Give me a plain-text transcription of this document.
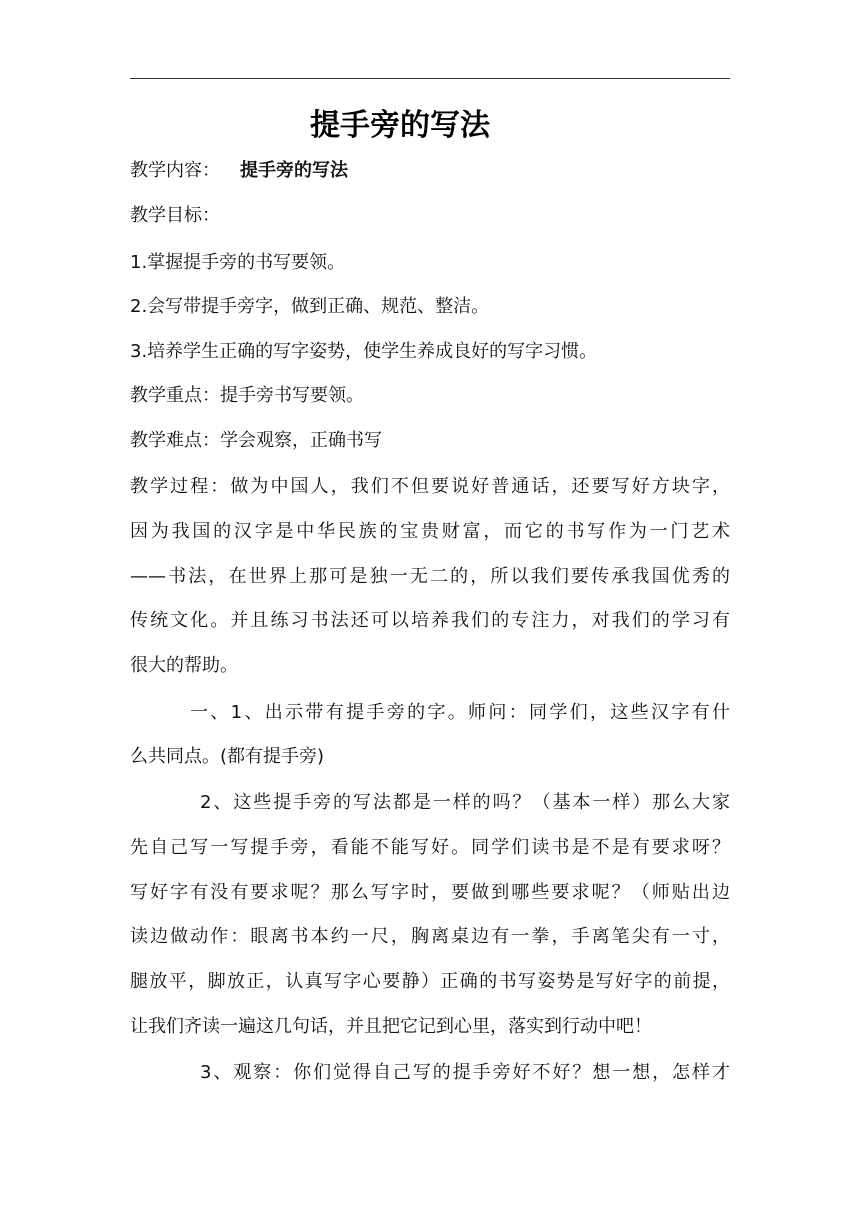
提手旁的写法
教学内容： 提手旁的写法
教学目标：
1.掌握提手旁的书写要领。
2.会写带提手旁字，做到正确、规范、整洁。
3.培养学生正确的写字姿势，使学生养成良好的写字习惯。
教学重点：提手旁书写要领。
教学难点：学会观察，正确书写
教学过程：做为中国人，我们不但要说好普通话，还要写好方块字，
因为我国的汉字是中华民族的宝贵财富，而它的书写作为一门艺术
——书法，在世界上那可是独一无二的，所以我们要传承我国优秀的
传统文化。并且练习书法还可以培养我们的专注力，对我们的学习有
很大的帮助。
一、1、出示带有提手旁的字。师问：同学们，这些汉字有什
么共同点。(都有提手旁)
2、这些提手旁的写法都是一样的吗？（基本一样）那么大家
先自己写一写提手旁，看能不能写好。同学们读书是不是有要求呀？
写好字有没有要求呢？那么写字时，要做到哪些要求呢？（师贴出边
读边做动作：眼离书本约一尺，胸离桌边有一拳，手离笔尖有一寸，
腿放平，脚放正，认真写字心要静）正确的书写姿势是写好字的前提，
让我们齐读一遍这几句话，并且把它记到心里，落实到行动中吧！
3、观察：你们觉得自己写的提手旁好不好？想一想，怎样才
